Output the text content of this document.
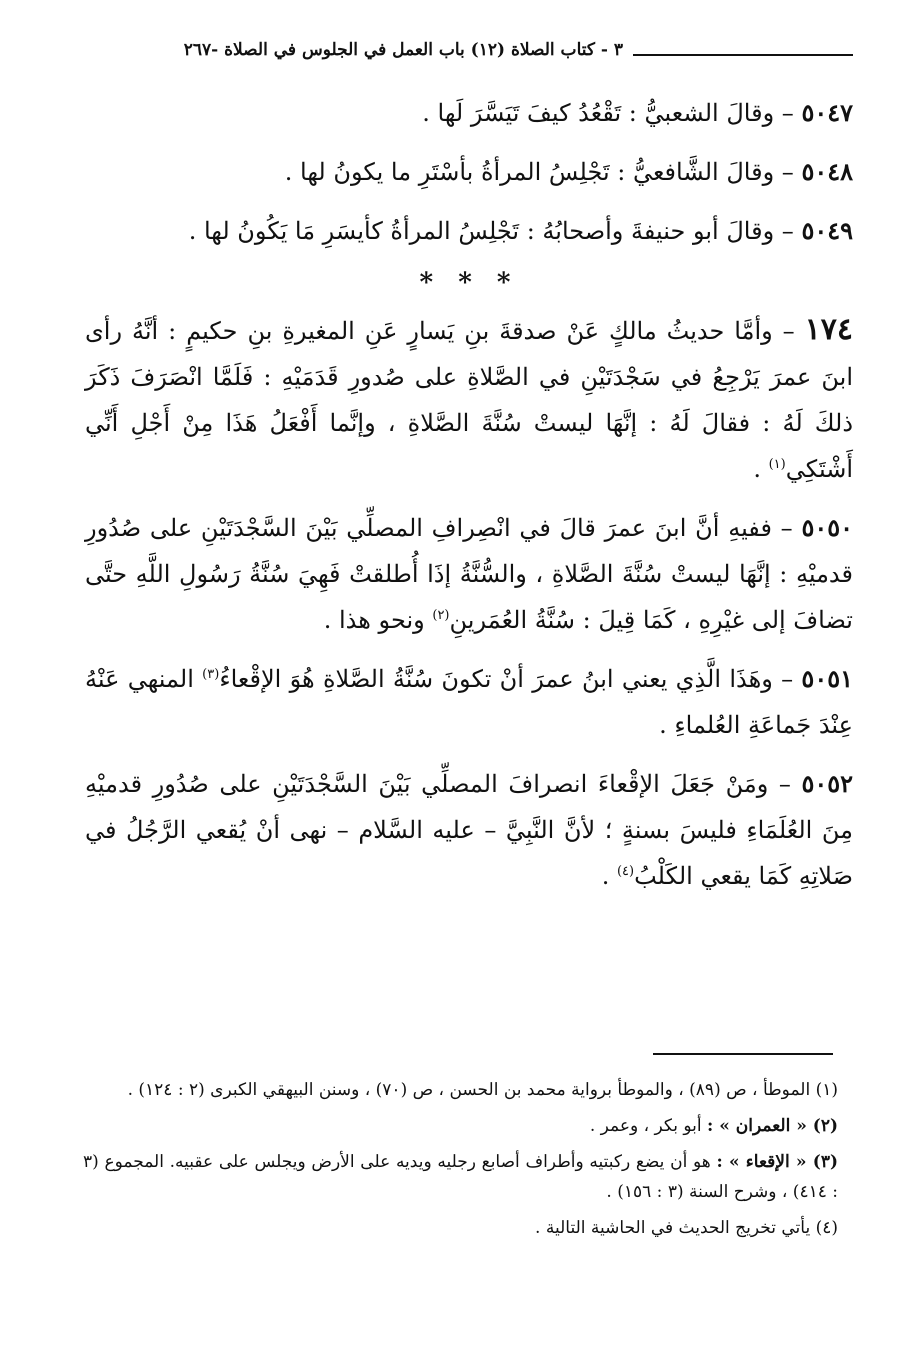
٣ - كتاب الصلاة (١٢) باب العمل في الجلوس في الصلاة -٢٦٧

٥٠٤٧ – وقالَ الشعبيُّ : تَقْعُدُ كيفَ تَيَسَّرَ لَها .

٥٠٤٨ – وقالَ الشَّافعيُّ : تَجْلِسُ المرأةُ بأسْتَرِ ما يكونُ لها .

٥٠٤٩ – وقالَ أبو حنيفةَ وأصحابُهُ : تَجْلِسُ المرأةُ كأيسَرِ مَا يَكُونُ لها .

* * *

١٧٤ – وأمَّا حديثُ مالكٍ عَنْ صدقةَ بنِ يَسارٍ عَنِ المغيرةِ بنِ حكيمٍ : أنَّهُ رأى ابنَ عمرَ يَرْجِعُ في سَجْدَتَيْنِ في الصَّلاةِ على صُدورِ قَدَمَيْهِ : فَلَمَّا انْصَرَفَ ذَكَرَ ذلكَ لَهُ : فقالَ لَهُ : إنَّهَا ليستْ سُنَّةَ الصَّلاةِ ، وإنَّما أَفْعَلُ هَذَا مِنْ أَجْلِ أَنِّي أَشْتَكِي$^{(١)}$ .

٥٠٥٠ – ففيهِ أنَّ ابنَ عمرَ قالَ في انْصِرافِ المصلِّي بَيْنَ السَّجْدَتَيْنِ على صُدُورِ قدميْهِ : إنَّهَا ليستْ سُنَّةَ الصَّلاةِ ، والسُّنَّةُ إذَا أُطلقتْ فَهِيَ سُنَّةُ رَسُولِ اللَّهِ حتَّى تضافَ إلى غيْرِهِ ، كَمَا قِيلَ : سُنَّةُ العُمَرينِ$^{(٢)}$ ونحو هذا .

٥٠٥١ – وهَذَا الَّذِي يعني ابنُ عمرَ أنْ تكونَ سُنَّةُ الصَّلاةِ هُوَ الإقْعاءُ$^{(٣)}$ المنهي عَنْهُ عِنْدَ جَماعَةِ العُلماءِ .

٥٠٥٢ – ومَنْ جَعَلَ الإقْعاءَ انصرافَ المصلِّي بَيْنَ السَّجْدَتَيْنِ على صُدُورِ قدميْهِ مِنَ العُلَمَاءِ فليسَ بسنةٍ ؛ لأنَّ النَّبِيَّ – عليه السَّلام – نهى أنْ يُقعي الرَّجُلُ في صَلاتِهِ كَمَا يقعي الكَلْبُ$^{(٤)}$ .

(١) الموطأ ، ص (٨٩) ، والموطأ برواية محمد بن الحسن ، ص (٧٠) ، وسنن البيهقي الكبرى (٢ : ١٢٤) .

(٢) « العمران » : أبو بكر ، وعمر .

(٣) « الإقعاء » : هو أن يضع ركبتيه وأطراف أصابع رجليه ويديه على الأرض ويجلس على عقبيه. المجموع (٣ : ٤١٤) ، وشرح السنة (٣ : ١٥٦) .

(٤) يأتي تخريج الحديث في الحاشية التالية .
